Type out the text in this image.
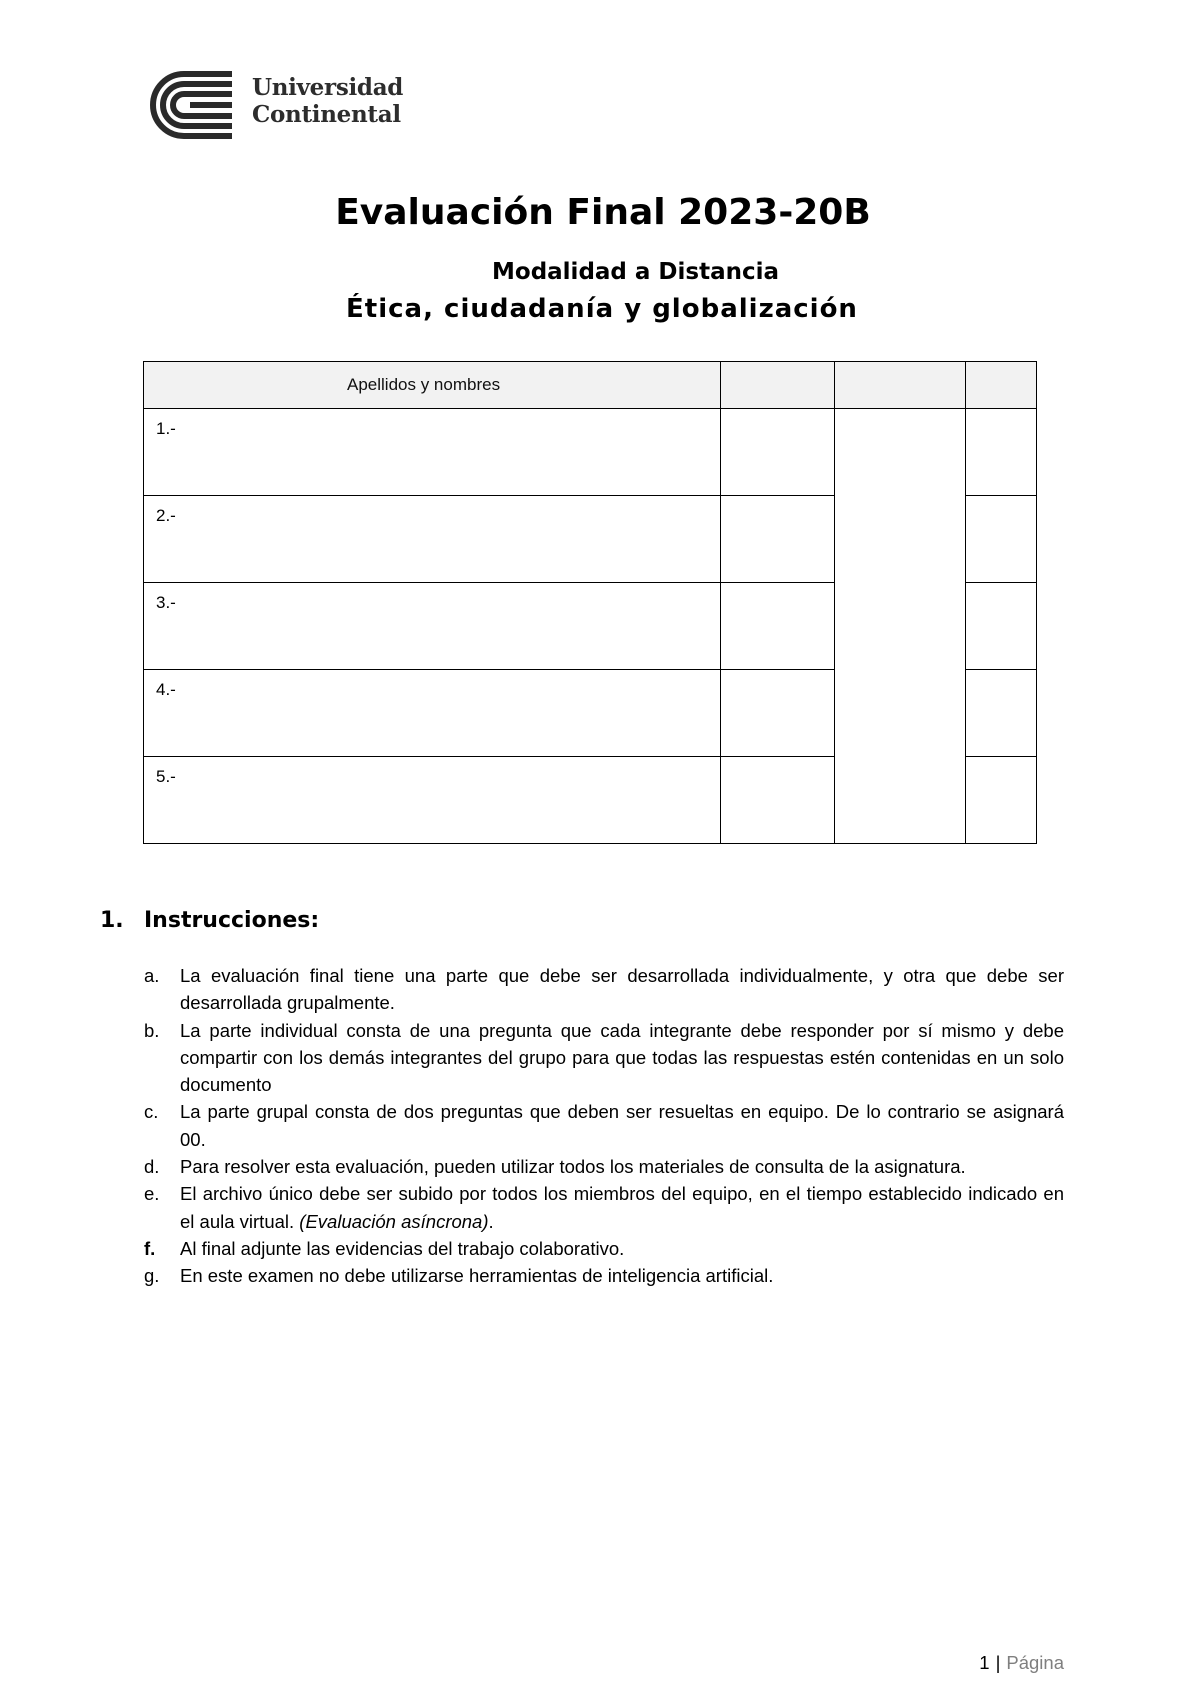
Universidad
Continental
Evaluación Final 2023-20B
Modalidad a Distancia
Ética, ciudadanía y globalización
Apellidos y nombres			

1.-			

2.-			

3.-			

4.-			

5.-			

1. Instrucciones:
a. La evaluación final tiene una parte que debe ser desarrollada individualmente, y otra que debe ser desarrollada grupalmente.
b. La parte individual consta de una pregunta que cada integrante debe responder por sí mismo y debe compartir con los demás integrantes del grupo para que todas las respuestas estén contenidas en un solo documento
c. La parte grupal consta de dos preguntas que deben ser resueltas en equipo. De lo contrario se asignará 00.
d. Para resolver esta evaluación, pueden utilizar todos los materiales de consulta de la asignatura.
e. El archivo único debe ser subido por todos los miembros del equipo, en el tiempo establecido indicado en el aula virtual. (Evaluación asíncrona).
f. Al final adjunte las evidencias del trabajo colaborativo.
g. En este examen no debe utilizarse herramientas de inteligencia artificial.
1 | Página
